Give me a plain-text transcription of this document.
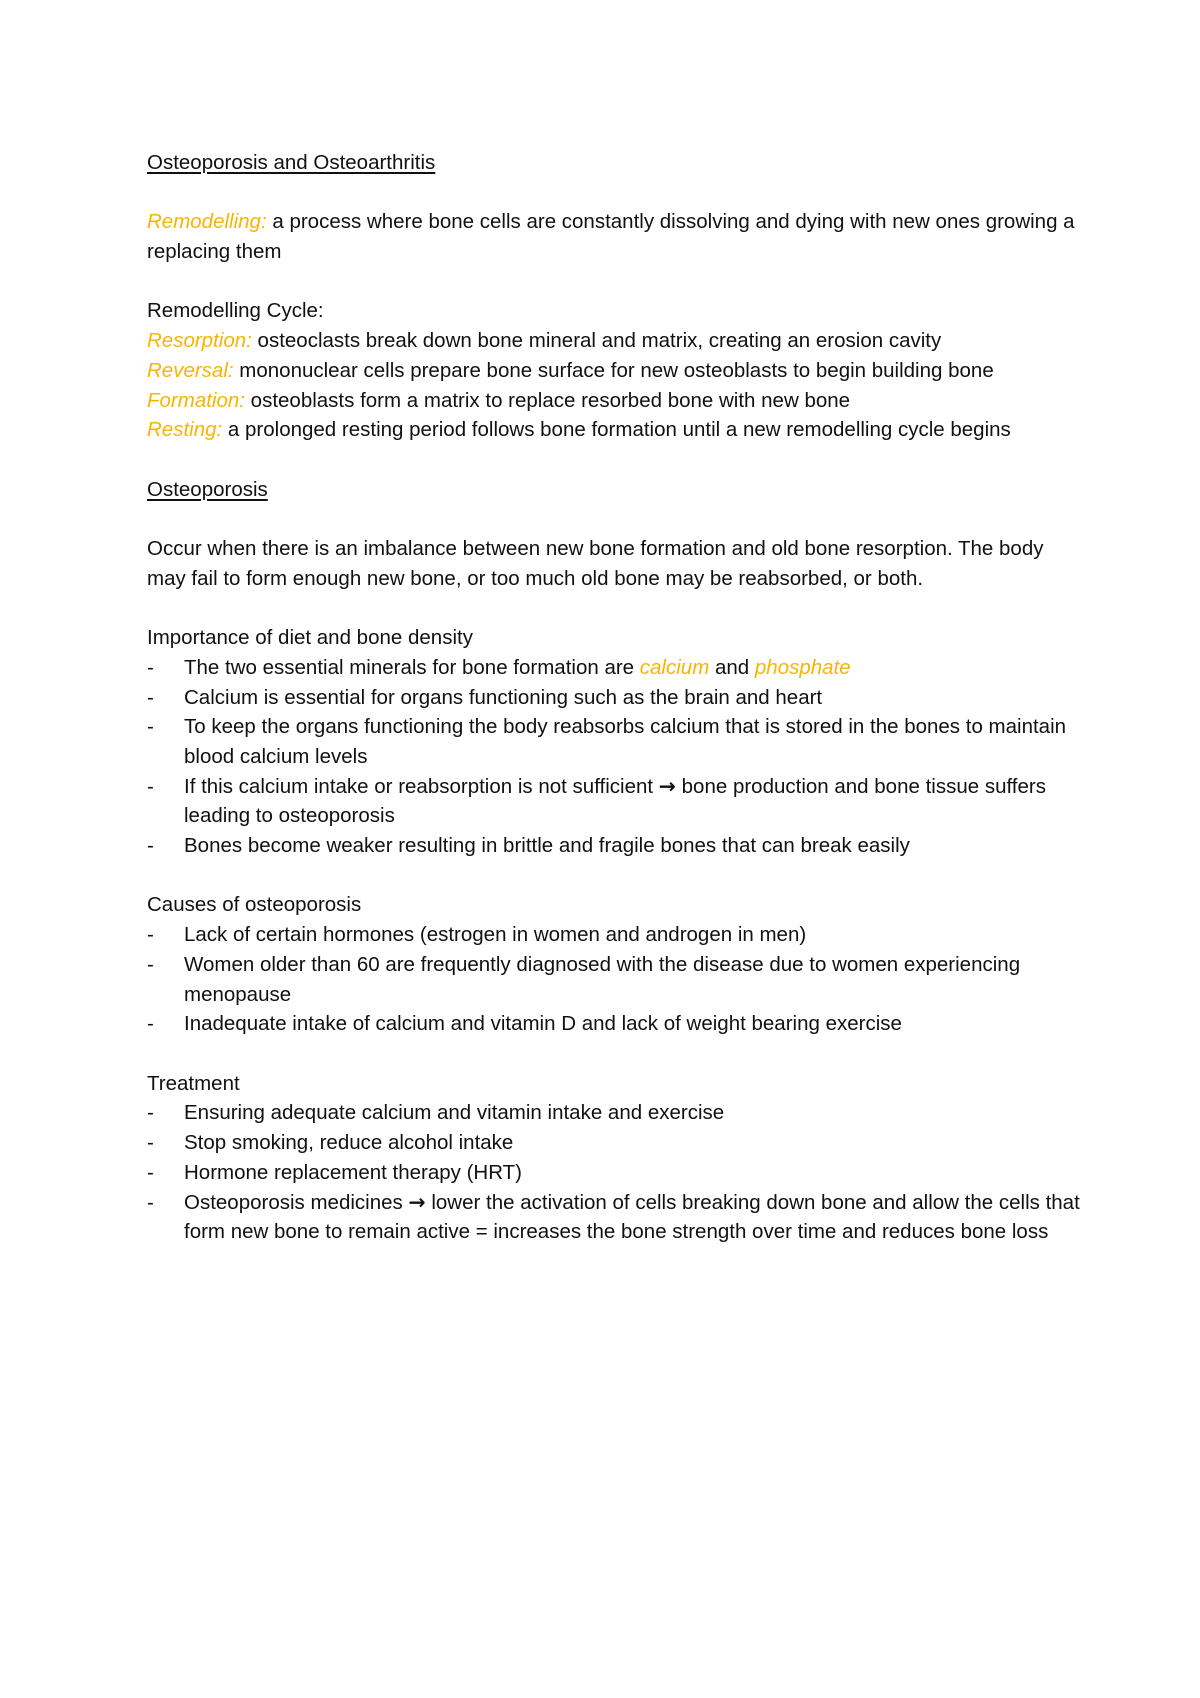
Osteoporosis and Osteoarthritis
Remodelling: a process where bone cells are constantly dissolving and dying with new ones growing a replacing them
Remodelling Cycle:
Resorption: osteoclasts break down bone mineral and matrix, creating an erosion cavity
Reversal: mononuclear cells prepare bone surface for new osteoblasts to begin building bone
Formation: osteoblasts form a matrix to replace resorbed bone with new bone
Resting: a prolonged resting period follows bone formation until a new remodelling cycle begins
Osteoporosis
Occur when there is an imbalance between new bone formation and old bone resorption. The body may fail to form enough new bone, or too much old bone may be reabsorbed, or both.
Importance of diet and bone density
- The two essential minerals for bone formation are calcium and phosphate
- Calcium is essential for organs functioning such as the brain and heart
- To keep the organs functioning the body reabsorbs calcium that is stored in the bones to maintain blood calcium levels
- If this calcium intake or reabsorption is not sufficient → bone production and bone tissue suffers leading to osteoporosis
- Bones become weaker resulting in brittle and fragile bones that can break easily
Causes of osteoporosis
- Lack of certain hormones (estrogen in women and androgen in men)
- Women older than 60 are frequently diagnosed with the disease due to women experiencing menopause
- Inadequate intake of calcium and vitamin D and lack of weight bearing exercise
Treatment
- Ensuring adequate calcium and vitamin intake and exercise
- Stop smoking, reduce alcohol intake
- Hormone replacement therapy (HRT)
- Osteoporosis medicines → lower the activation of cells breaking down bone and allow the cells that form new bone to remain active = increases the bone strength over time and reduces bone loss
